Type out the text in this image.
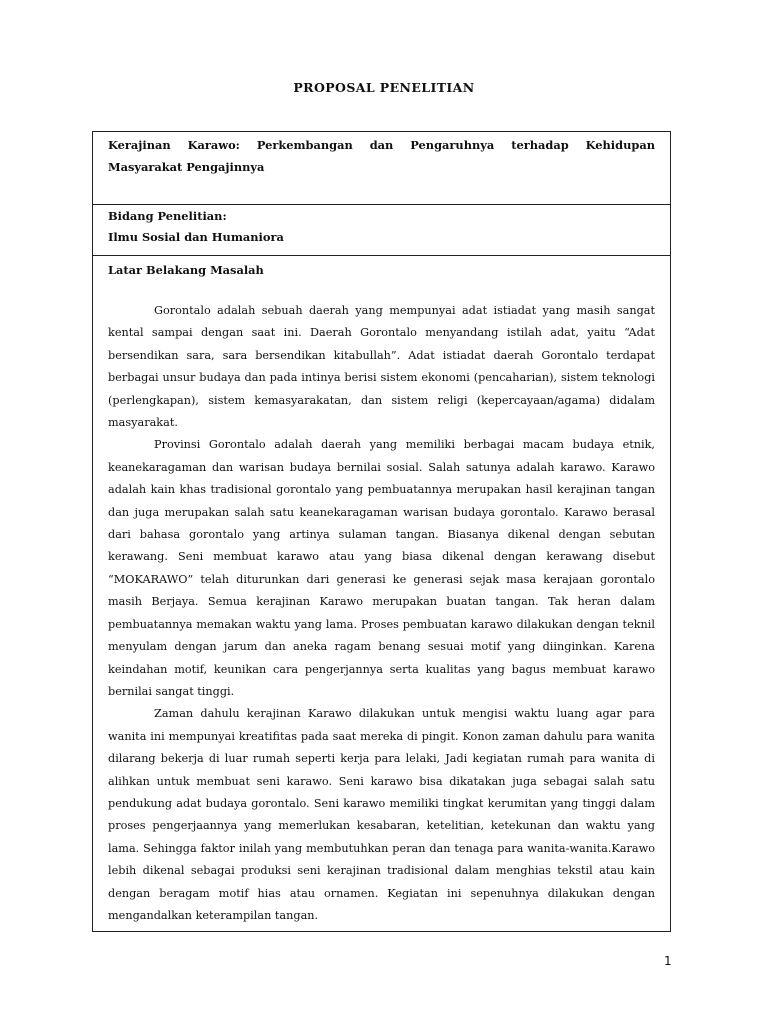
PROPOSAL PENELITIAN
Kerajinan Karawo: Perkembangan dan Pengaruhnya terhadap Kehidupan

Masyarakat Pengajinnya
Bidang Penelitian:
Ilmu Sosial dan Humaniora
Latar Belakang Masalah

Gorontalo adalah sebuah daerah yang mempunyai adat istiadat yang masih sangat kental sampai dengan saat ini. Daerah Gorontalo menyandang istilah adat, yaitu “Adat bersendikan sara, sara bersendikan kitabullah”. Adat istiadat daerah Gorontalo terdapat berbagai unsur budaya dan pada intinya berisi sistem ekonomi (pencaharian), sistem teknologi (perlengkapan), sistem kemasyarakatan, dan sistem religi (kepercayaan/agama) didalam masyarakat.

Provinsi Gorontalo adalah daerah yang memiliki berbagai macam budaya etnik, keanekaragaman dan warisan budaya bernilai sosial. Salah satunya adalah karawo. Karawo adalah kain khas tradisional gorontalo yang pembuatannya merupakan hasil kerajinan tangan dan juga merupakan salah satu keanekaragaman warisan budaya gorontalo. Karawo berasal dari bahasa gorontalo yang artinya sulaman tangan. Biasanya dikenal dengan sebutan kerawang. Seni membuat karawo atau yang biasa dikenal dengan kerawang disebut “MOKARAWO” telah diturunkan dari generasi ke generasi sejak masa kerajaan gorontalo masih Berjaya. Semua kerajinan Karawo merupakan buatan tangan. Tak heran dalam pembuatannya memakan waktu yang lama. Proses pembuatan karawo dilakukan dengan teknil menyulam dengan jarum dan aneka ragam benang sesuai motif yang diinginkan. Karena keindahan motif, keunikan cara pengerjannya serta kualitas yang bagus membuat karawo bernilai sangat tinggi.

Zaman dahulu kerajinan Karawo dilakukan untuk mengisi waktu luang agar para wanita ini mempunyai kreatifitas pada saat mereka di pingit. Konon zaman dahulu para wanita dilarang bekerja di luar rumah seperti kerja para lelaki, Jadi kegiatan rumah para wanita di alihkan untuk membuat seni karawo. Seni karawo bisa dikatakan juga sebagai salah satu pendukung adat budaya gorontalo. Seni karawo memiliki tingkat kerumitan yang tinggi dalam proses pengerjaannya yang memerlukan kesabaran, ketelitian, ketekunan dan waktu yang lama. Sehingga faktor inilah yang membutuhkan peran dan tenaga para wanita-wanita.Karawo lebih dikenal sebagai produksi seni kerajinan tradisional dalam menghias tekstil atau kain dengan beragam motif hias atau ornamen. Kegiatan ini sepenuhnya dilakukan dengan mengandalkan keterampilan tangan.

1
